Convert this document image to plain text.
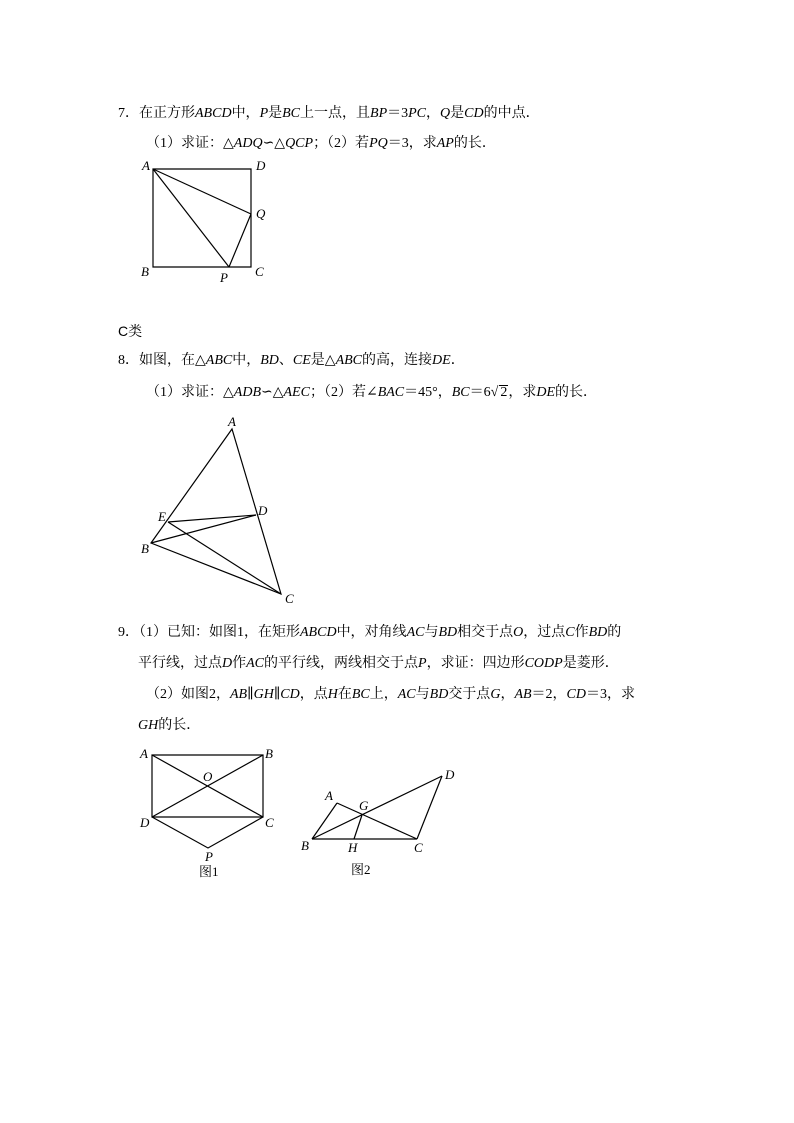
7．在正方形ABCD中，P是BC上一点，且BP＝3PC，Q是CD的中点．
（1）求证：△ADQ∽△QCP；（2）若PQ＝3，求AP的长．
A	D
Q
B	P C
C类
8．如图，在△ABC中，BD、CE是△ABC的高，连接DE．
（1）求证：△ADB∽△AEC；（2）若∠BAC＝45°，BC＝6√ 2，求DE的长．
A
E	D
B
C
9．（1）已知：如图1，在矩形ABCD中，对角线AC与BD相交于点O，过点C作BD的
平行线，过点D作AC的平行线，两线相交于点P，求证：四边形CODP是菱形．
（2）如图2，AB∥GH∥CD，点H在BC上，AC与BD交于点G，AB＝2，CD＝3，求
GH的长．
A	B
O
D	C
P
图1
A
G
D
B	H	C
图2
